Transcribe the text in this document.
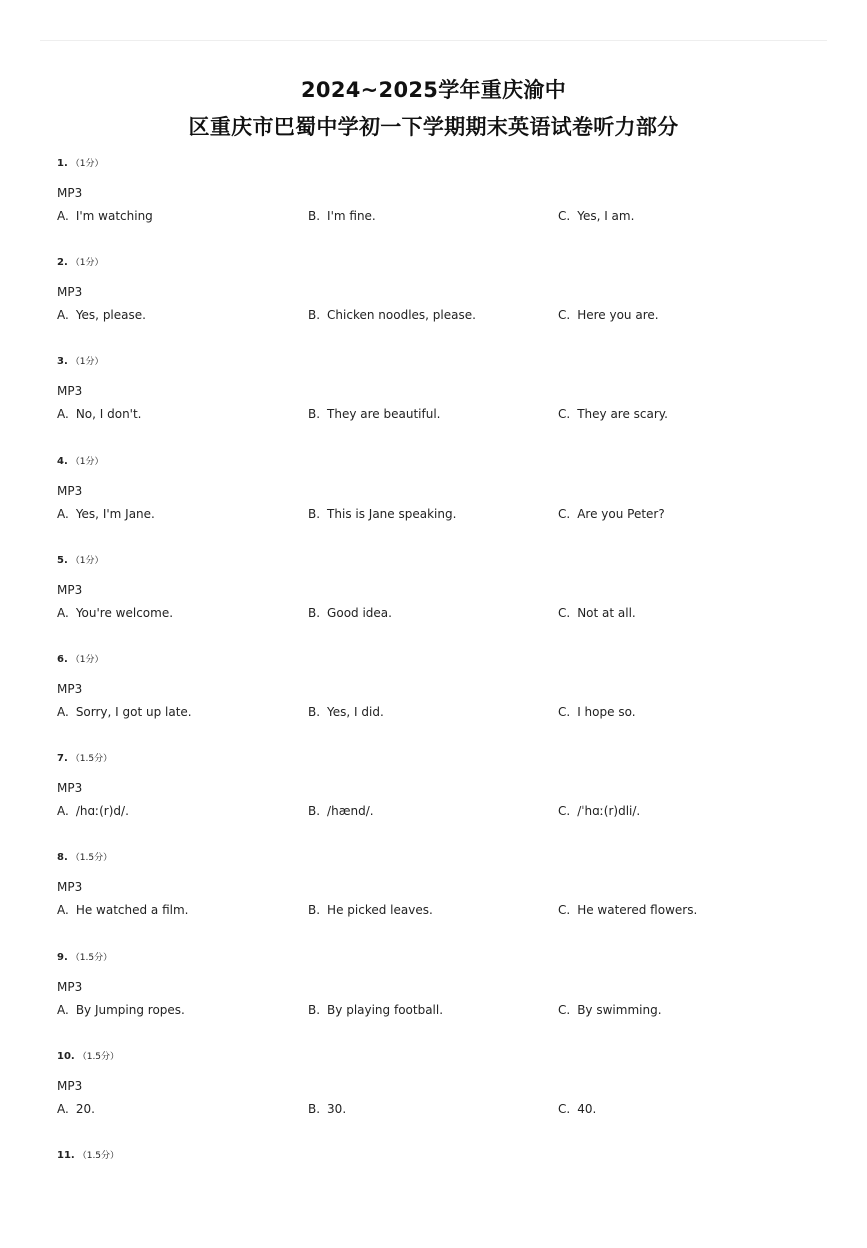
2024~2025学年重庆渝中
区重庆市巴蜀中学初一下学期期末英语试卷听力部分
1. （1分）
MP3
A. I'm watching	B. I'm fine.	C. Yes, I am.
2. （1分）
MP3
A. Yes, please.	B. Chicken noodles, please.	C. Here you are.
3. （1分）
MP3
A. No, I don't.	B. They are beautiful.	C. They are scary.
4. （1分）
MP3
A. Yes, I'm Jane.	B. This is Jane speaking.	C. Are you Peter?
5. （1分）
MP3
A. You're welcome.	B. Good idea.	C. Not at all.
6. （1分）
MP3
A. Sorry, I got up late.	B. Yes, I did.	C. I hope so.
7. （1.5分）
MP3
A. /hɑː(r)d/.	B. /hænd/.	C. /ˈhɑː(r)dli/.
8. （1.5分）
MP3
A. He watched a film.	B. He picked leaves.	C. He watered flowers.
9. （1.5分）
MP3
A. By Jumping ropes.	B. By playing football.	C. By swimming.
10. （1.5分）
MP3
A. 20.	B. 30.	C. 40.
11. （1.5分）
